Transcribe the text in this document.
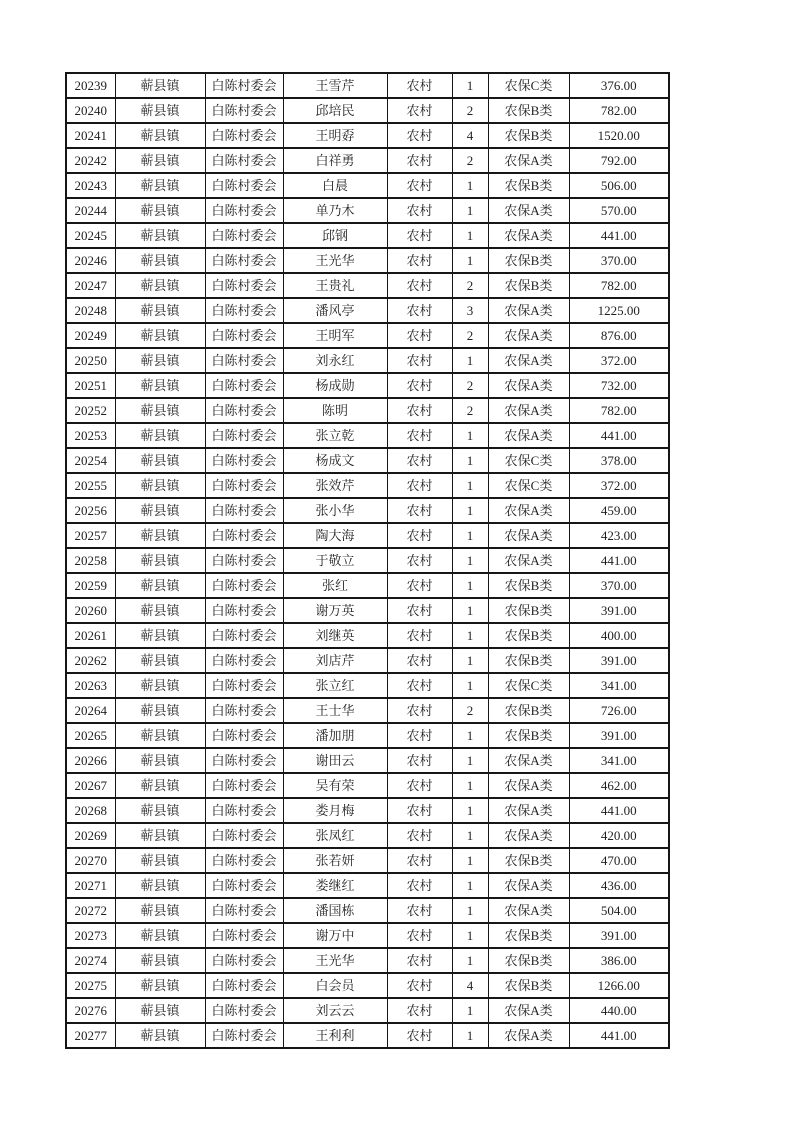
20239	蕲县镇	白陈村委会	王雪芹	农村	1	农保C类	376.00
20240	蕲县镇	白陈村委会	邱培民	农村	2	农保B类	782.00
20241	蕲县镇	白陈村委会	王明孬	农村	4	农保B类	1520.00
20242	蕲县镇	白陈村委会	白祥勇	农村	2	农保A类	792.00
20243	蕲县镇	白陈村委会	白晨	农村	1	农保B类	506.00
20244	蕲县镇	白陈村委会	单乃木	农村	1	农保A类	570.00
20245	蕲县镇	白陈村委会	邱钢	农村	1	农保A类	441.00
20246	蕲县镇	白陈村委会	王光华	农村	1	农保B类	370.00
20247	蕲县镇	白陈村委会	王贵礼	农村	2	农保B类	782.00
20248	蕲县镇	白陈村委会	潘风亭	农村	3	农保A类	1225.00
20249	蕲县镇	白陈村委会	王明军	农村	2	农保A类	876.00
20250	蕲县镇	白陈村委会	刘永红	农村	1	农保A类	372.00
20251	蕲县镇	白陈村委会	杨成勋	农村	2	农保A类	732.00
20252	蕲县镇	白陈村委会	陈明	农村	2	农保A类	782.00
20253	蕲县镇	白陈村委会	张立乾	农村	1	农保A类	441.00
20254	蕲县镇	白陈村委会	杨成文	农村	1	农保C类	378.00
20255	蕲县镇	白陈村委会	张效芹	农村	1	农保C类	372.00
20256	蕲县镇	白陈村委会	张小华	农村	1	农保A类	459.00
20257	蕲县镇	白陈村委会	陶大海	农村	1	农保A类	423.00
20258	蕲县镇	白陈村委会	于敬立	农村	1	农保A类	441.00
20259	蕲县镇	白陈村委会	张红	农村	1	农保B类	370.00
20260	蕲县镇	白陈村委会	谢万英	农村	1	农保B类	391.00
20261	蕲县镇	白陈村委会	刘继英	农村	1	农保B类	400.00
20262	蕲县镇	白陈村委会	刘店芹	农村	1	农保B类	391.00
20263	蕲县镇	白陈村委会	张立红	农村	1	农保C类	341.00
20264	蕲县镇	白陈村委会	王士华	农村	2	农保B类	726.00
20265	蕲县镇	白陈村委会	潘加朋	农村	1	农保B类	391.00
20266	蕲县镇	白陈村委会	谢田云	农村	1	农保A类	341.00
20267	蕲县镇	白陈村委会	吴有荣	农村	1	农保A类	462.00
20268	蕲县镇	白陈村委会	娄月梅	农村	1	农保A类	441.00
20269	蕲县镇	白陈村委会	张凤红	农村	1	农保A类	420.00
20270	蕲县镇	白陈村委会	张若妍	农村	1	农保B类	470.00
20271	蕲县镇	白陈村委会	娄继红	农村	1	农保A类	436.00
20272	蕲县镇	白陈村委会	潘国栋	农村	1	农保A类	504.00
20273	蕲县镇	白陈村委会	谢万中	农村	1	农保B类	391.00
20274	蕲县镇	白陈村委会	王光华	农村	1	农保B类	386.00
20275	蕲县镇	白陈村委会	白会员	农村	4	农保B类	1266.00
20276	蕲县镇	白陈村委会	刘云云	农村	1	农保A类	440.00
20277	蕲县镇	白陈村委会	王利利	农村	1	农保A类	441.00
